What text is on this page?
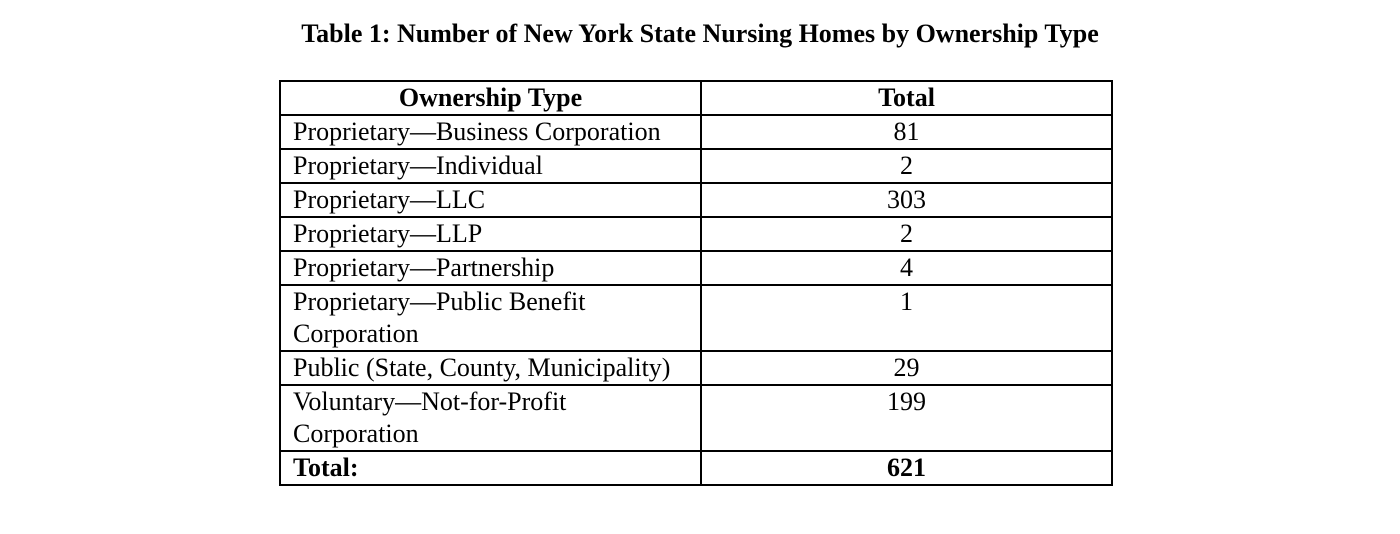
Table 1: Number of New York State Nursing Homes by Ownership Type
Ownership Type	Total
Proprietary—Business Corporation	81
Proprietary—Individual	2
Proprietary—LLC	303
Proprietary—LLP	2
Proprietary—Partnership	4
Proprietary—Public Benefit Corporation	1
Public (State, County, Municipality)	29
Voluntary—Not-for-Profit Corporation	199
Total:	621
